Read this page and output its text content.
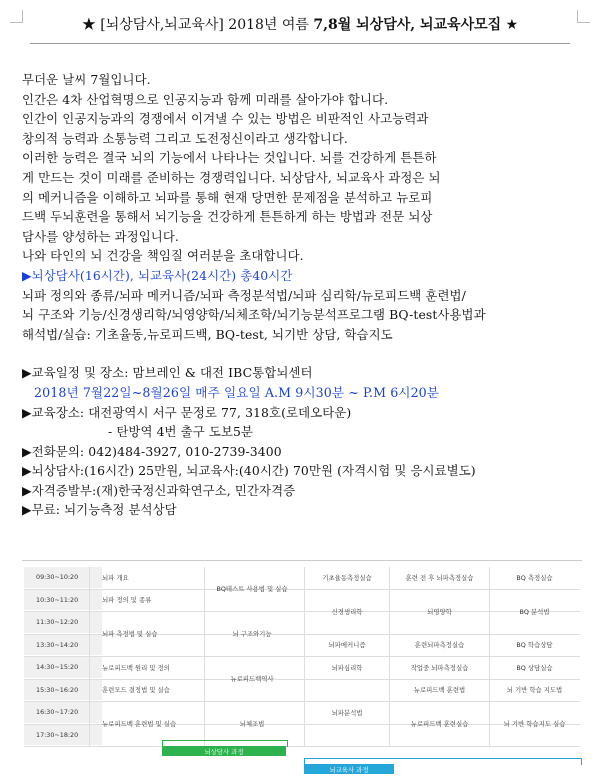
★ [뇌상담사,뇌교육사] 2018년 여름 7,8월 뇌상담사, 뇌교육사모집 ★

무더운 날씨 7월입니다.

인간은 4차 산업혁명으로 인공지능과 함께 미래를 살아가야 합니다.

인간이 인공지능과의 경쟁에서 이겨낼 수 있는 방법은 비판적인 사고능력과

창의적 능력과 소통능력 그리고 도전정신이라고 생각합니다.

이러한 능력은 결국 뇌의 기능에서 나타나는 것입니다. 뇌를 건강하게 튼튼하

게 만드는 것이 미래를 준비하는 경쟁력입니다. 뇌상담사, 뇌교육사 과정은 뇌

의 메커니즘을 이해하고 뇌파를 통해 현재 당면한 문제점을 분석하고 뉴로피

드백 두뇌훈련을 통해서 뇌기능을 건강하게 튼튼하게 하는 방법과 전문 뇌상

담사를 양성하는 과정입니다.

나와 타인의 뇌 건강을 책임질 여러분을 초대합니다.

▶뇌상담사(16시간), 뇌교육사(24시간) 총40시간

뇌파 정의와 종류/뇌파 메커니즘/뇌파 측정분석법/뇌파 심리학/뉴로피드백 훈련법/

뇌 구조와 기능/신경생리학/뇌영양학/뇌체조학/뇌기능분석프로그램 BQ-test사용법과

해석법/실습: 기초율동,뉴로피드백, BQ-test, 뇌기반 상담, 학습지도

▶교육일정 및 장소: 맘브레인 & 대전 IBC통합뇌센터

2018년 7월22일~8월26일 매주 일요일 A.M 9시30분 ~ P.M 6시20분

▶교육장소: 대전광역시 서구 문정로 77, 318호(로데오타운)

- 탄방역 4번 출구 도보5분

▶전화문의: 042)484-3927, 010-2739-3400

▶뇌상담사:(16시간) 25만원, 뇌교육사:(40시간) 70만원 (자격시험 및 응시료별도)

▶자격증발부:(재)한국정신과학연구소, 민간자격증

▶무료: 뇌기능측정 분석상담

09:30~10:20
10:30~11:20
11:30~12:20
13:30~14:20
14:30~15:20
15:30~16:20
16:30~17:20
17:30~18:20
뇌파 개요
뇌파 정의 및 종류
뇌파 측정법 및 실습
뉴로피드백 원리 및 정의
훈련모드 결정법 및 실습
뉴로피드백 훈련법 및 실습
BQ테스트 사용법 및 실습
뇌 구조와기능
뉴로피드백역사
뇌체조법
기초율동측정실습
신경생리학
뇌파메커니즘
뇌파심리학
뇌파분석법
훈련 전 후 뇌파측정실습
뇌영양학
훈련뇌파측정실습
작업중 뇌파측정실습
뉴로피드백 훈련법
뉴로피드백 훈련실습
BQ 측정실습
BQ 분석법
BQ 학습상담
BQ 상담실습
뇌 기반 학습 지도법
뇌 기반 학습지도 실습
뇌상담사 과정
뇌교육사 과정
